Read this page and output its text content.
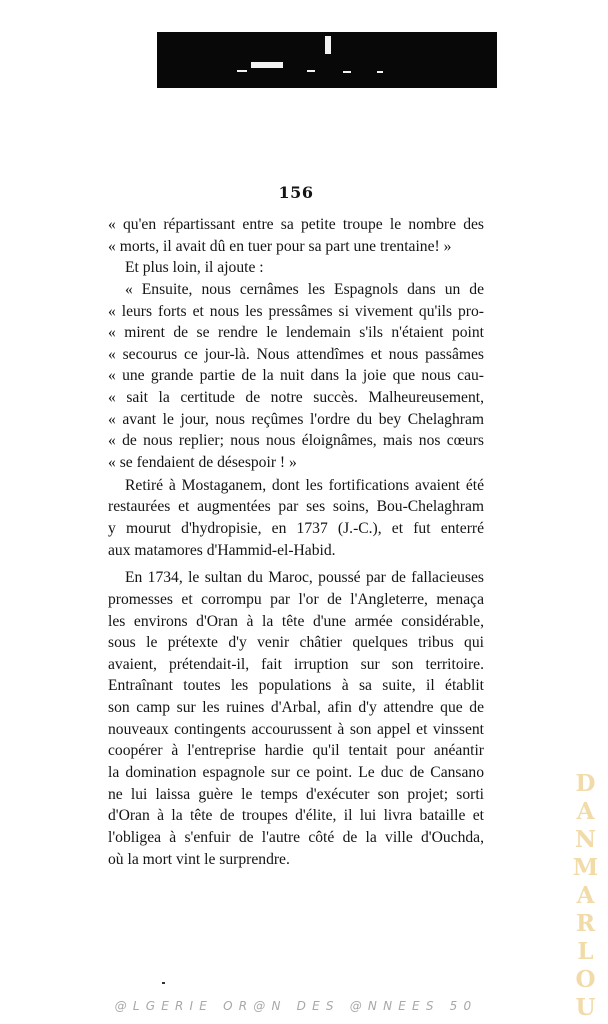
156
« qu'en répartissant entre sa petite troupe le nombre des
« morts, il avait dû en tuer pour sa part une trentaine! »
Et plus loin, il ajoute :
« Ensuite, nous cernâmes les Espagnols dans un de
« leurs forts et nous les pressâmes si vivement qu'ils pro-
« mirent de se rendre le lendemain s'ils n'étaient point
« secourus ce jour-là. Nous attendîmes et nous passâmes
« une grande partie de la nuit dans la joie que nous cau-
« sait la certitude de notre succès. Malheureusement,
« avant le jour, nous reçûmes l'ordre du bey Chelaghram
« de nous replier; nous nous éloignâmes, mais nos cœurs
« se fendaient de désespoir ! »
Retiré à Mostaganem, dont les fortifications avaient été
restaurées et augmentées par ses soins, Bou-Chelaghram
y mourut d'hydropisie, en 1737 (J.-C.), et fut enterré
aux matamores d'Hammid-el-Habid.
En 1734, le sultan du Maroc, poussé par de fallacieuses
promesses et corrompu par l'or de l'Angleterre, menaça
les environs d'Oran à la tête d'une armée considérable,
sous le prétexte d'y venir châtier quelques tribus qui
avaient, prétendait-il, fait irruption sur son territoire.
Entraînant toutes les populations à sa suite, il établit
son camp sur les ruines d'Arbal, afin d'y attendre que de
nouveaux contingents accourussent à son appel et vinssent
coopérer à l'entreprise hardie qu'il tentait pour anéantir
la domination espagnole sur ce point. Le duc de Cansano
ne lui laissa guère le temps d'exécuter son projet; sorti
d'Oran à la tête de troupes d'élite, il lui livra bataille et
l'obligea à s'enfuir de l'autre côté de la ville d'Ouchda,
où la mort vint le surprendre.	DANMARLOU
@LGERIE OR@N DES @NNEES 50
